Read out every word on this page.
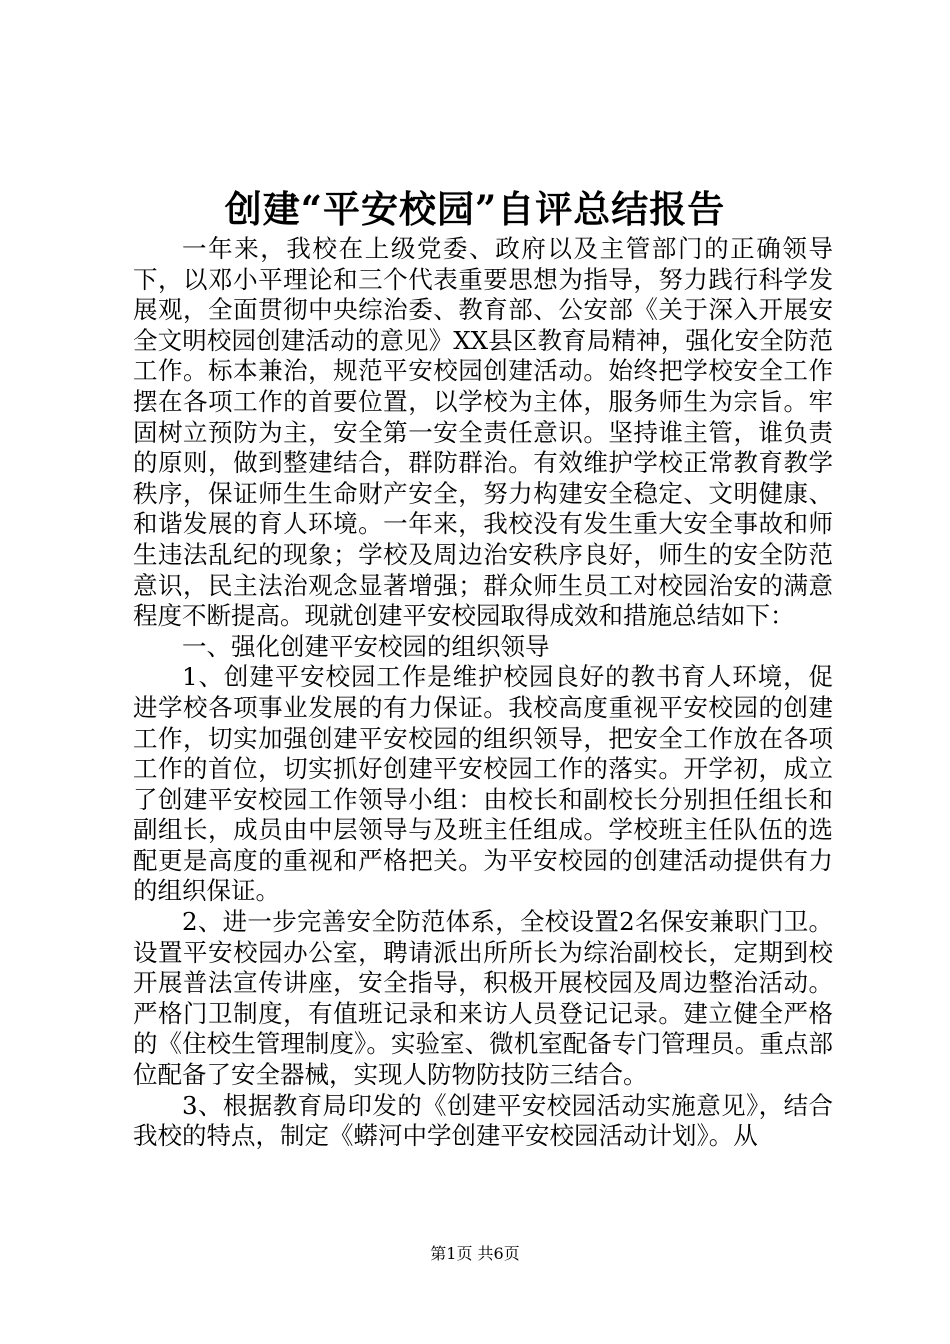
创建“平安校园”自评总结报告

一年来，我校在上级党委、政府以及主管部门的正确领导下，以邓小平理论和三个代表重要思想为指导，努力践行科学发展观，全面贯彻中央综治委、教育部、公安部《关于深入开展安全文明校园创建活动的意见》XX县区教育局精神，强化安全防范工作。标本兼治，规范平安校园创建活动。始终把学校安全工作摆在各项工作的首要位置，以学校为主体，服务师生为宗旨。牢固树立预防为主，安全第一安全责任意识。坚持谁主管，谁负责的原则，做到整建结合，群防群治。有效维护学校正常教育教学秩序，保证师生生命财产安全，努力构建安全稳定、文明健康、和谐发展的育人环境。一年来，我校没有发生重大安全事故和师生违法乱纪的现象；学校及周边治安秩序良好，师生的安全防范意识，民主法治观念显著增强；群众师生员工对校园治安的满意程度不断提高。现就创建平安校园取得成效和措施总结如下：

一、强化创建平安校园的组织领导

1、创建平安校园工作是维护校园良好的教书育人环境，促进学校各项事业发展的有力保证。我校高度重视平安校园的创建工作，切实加强创建平安校园的组织领导，把安全工作放在各项工作的首位，切实抓好创建平安校园工作的落实。开学初，成立了创建平安校园工作领导小组：由校长和副校长分别担任组长和副组长，成员由中层领导与及班主任组成。学校班主任队伍的选配更是高度的重视和严格把关。为平安校园的创建活动提供有力的组织保证。

2、进一步完善安全防范体系，全校设置2名保安兼职门卫。设置平安校园办公室，聘请派出所所长为综治副校长，定期到校开展普法宣传讲座，安全指导，积极开展校园及周边整治活动。严格门卫制度，有值班记录和来访人员登记记录。建立健全严格的《住校生管理制度》。实验室、微机室配备专门管理员。重点部位配备了安全器械，实现人防物防技防三结合。

3、根据教育局印发的《创建平安校园活动实施意见》，结合我校的特点，制定《蟒河中学创建平安校园活动计划》。从

第1页 共6页
